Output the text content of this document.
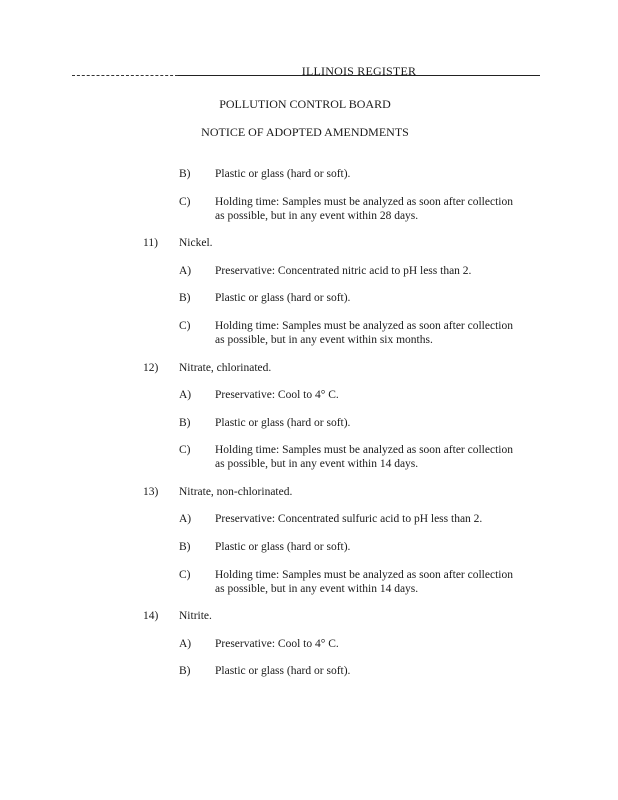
ILLINOIS REGISTER
POLLUTION CONTROL BOARD
NOTICE OF ADOPTED AMENDMENTS
B) Plastic or glass (hard or soft).
C) Holding time: Samples must be analyzed as soon after collection
as possible, but in any event within 28 days.
11) Nickel.
A) Preservative: Concentrated nitric acid to pH less than 2.
B) Plastic or glass (hard or soft).
C) Holding time: Samples must be analyzed as soon after collection
as possible, but in any event within six months.
12) Nitrate, chlorinated.
A) Preservative: Cool to 4° C.
B) Plastic or glass (hard or soft).
C) Holding time: Samples must be analyzed as soon after collection
as possible, but in any event within 14 days.
13) Nitrate, non-chlorinated.
A) Preservative: Concentrated sulfuric acid to pH less than 2.
B) Plastic or glass (hard or soft).
C) Holding time: Samples must be analyzed as soon after collection
as possible, but in any event within 14 days.
14) Nitrite.
A) Preservative: Cool to 4° C.
B) Plastic or glass (hard or soft).
